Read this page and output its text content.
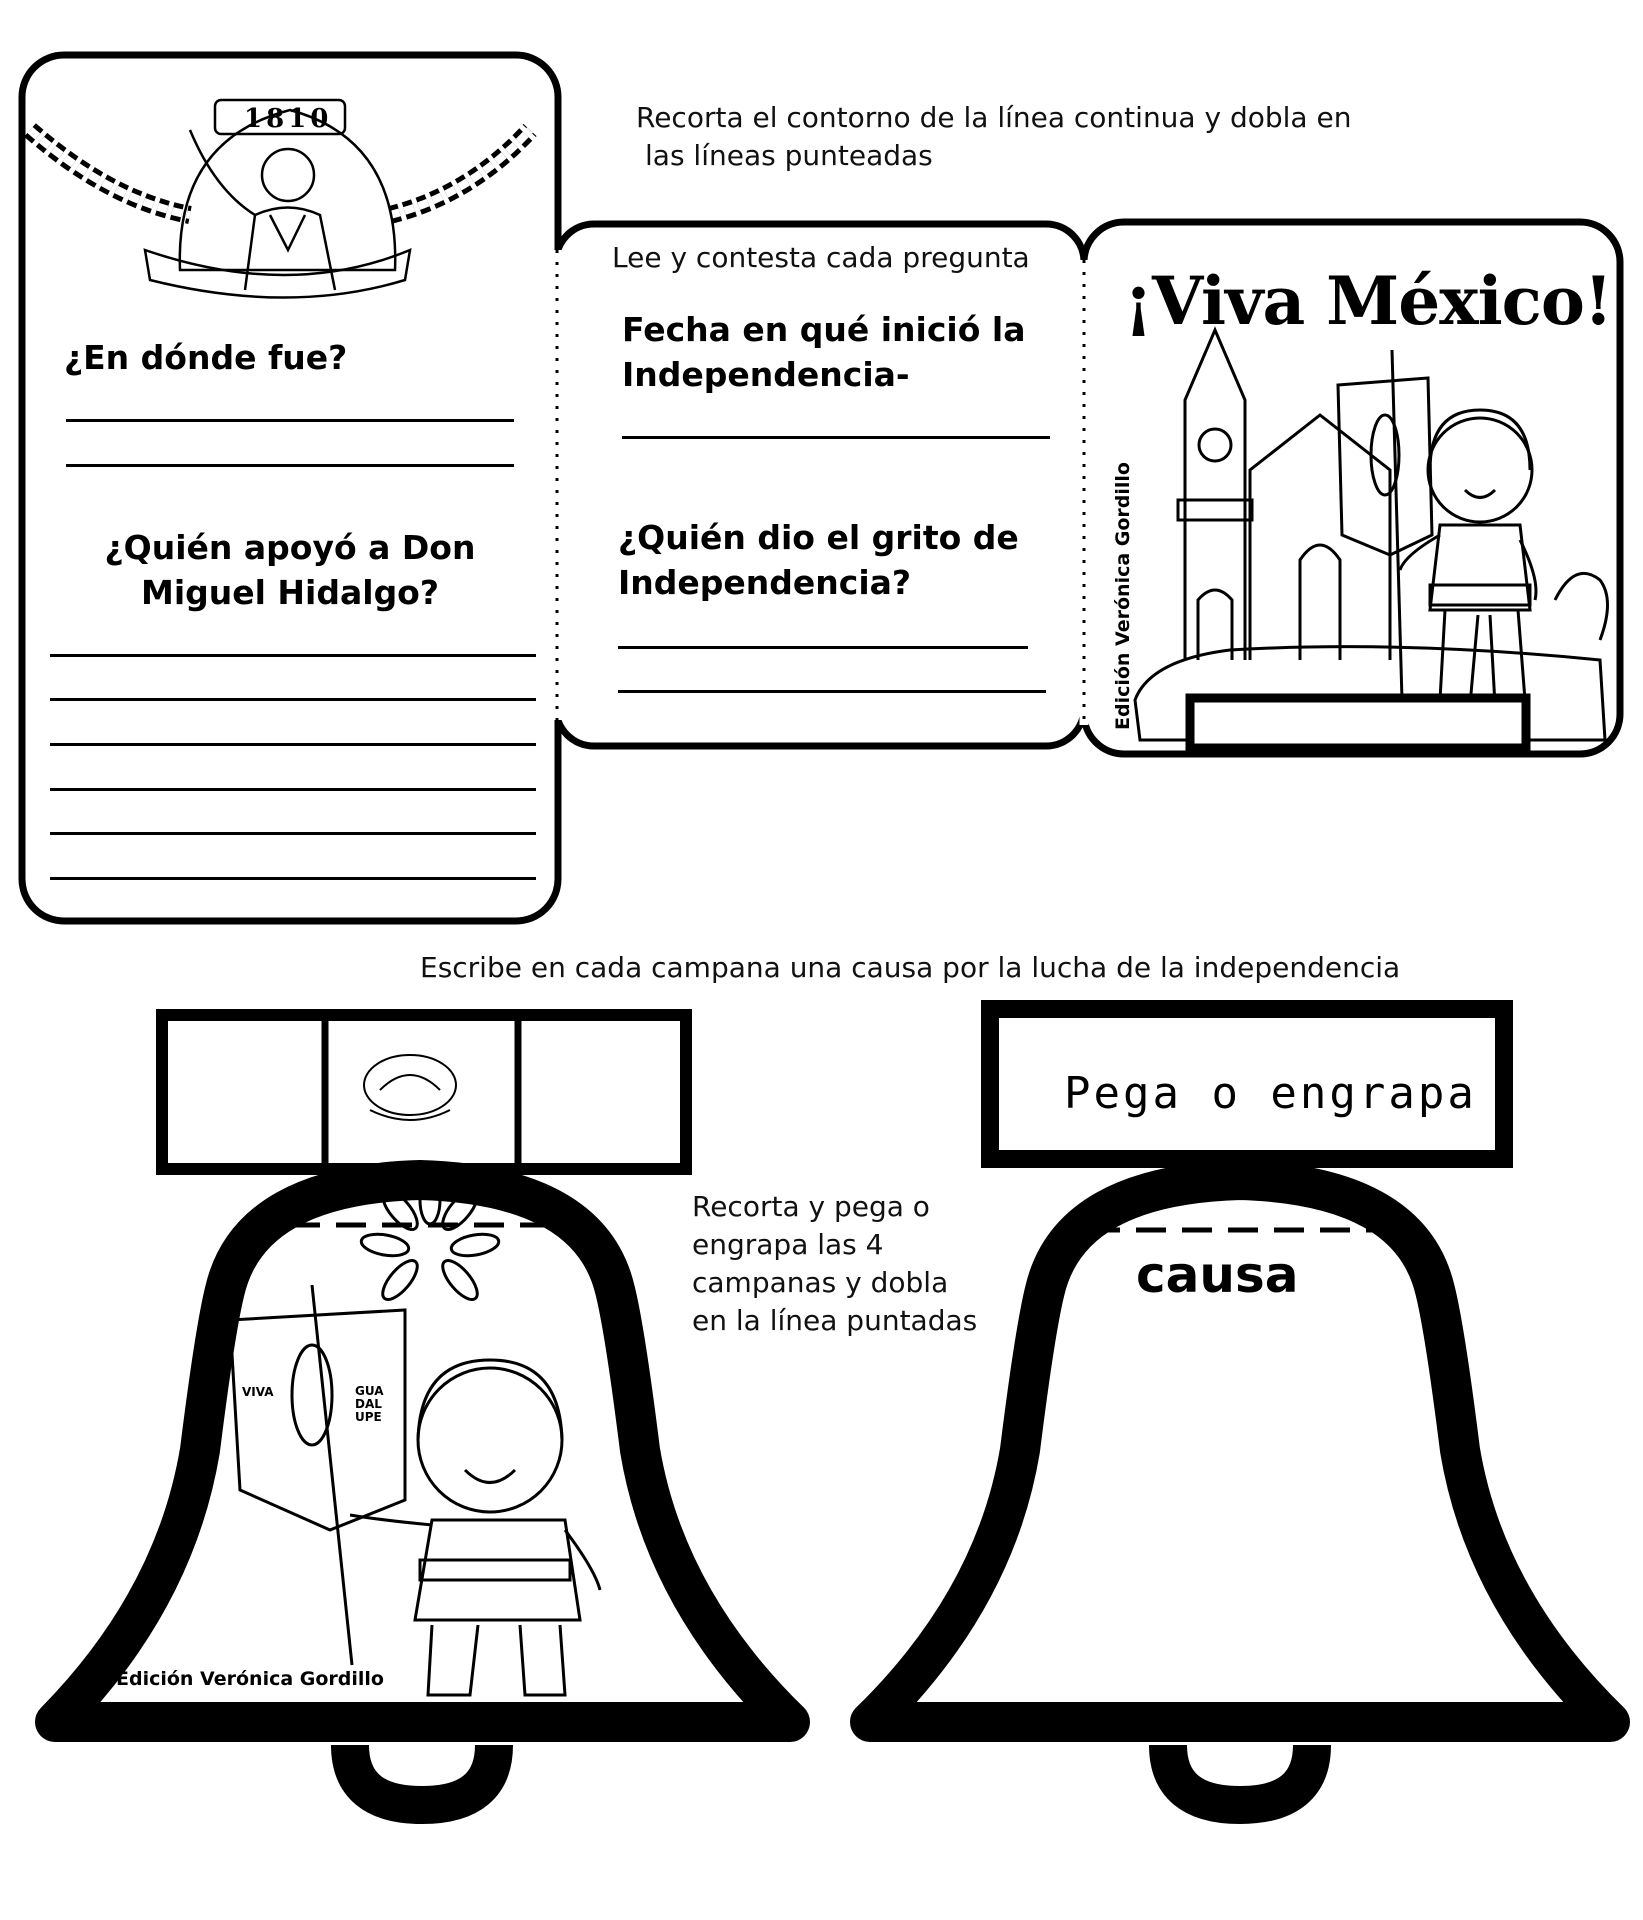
Recorta el contorno de la línea continua y dobla en
las líneas punteadas
1810
¿En dónde fue?
¿Quién apoyó a Don
Miguel Hidalgo?
Lee y contesta cada pregunta
Fecha en qué inició la
Independencia-
¿Quién dio el grito de
Independencia?
¡Viva México!
Edición Verónica Gordillo
Escribe en cada campana una causa por la lucha de la independencia
Recorta y pega o
engrapa las 4
campanas y dobla
en la línea puntadas
VIVA	GUA DAL UPE
Edición Verónica Gordillo
Pega o engrapa
causa
